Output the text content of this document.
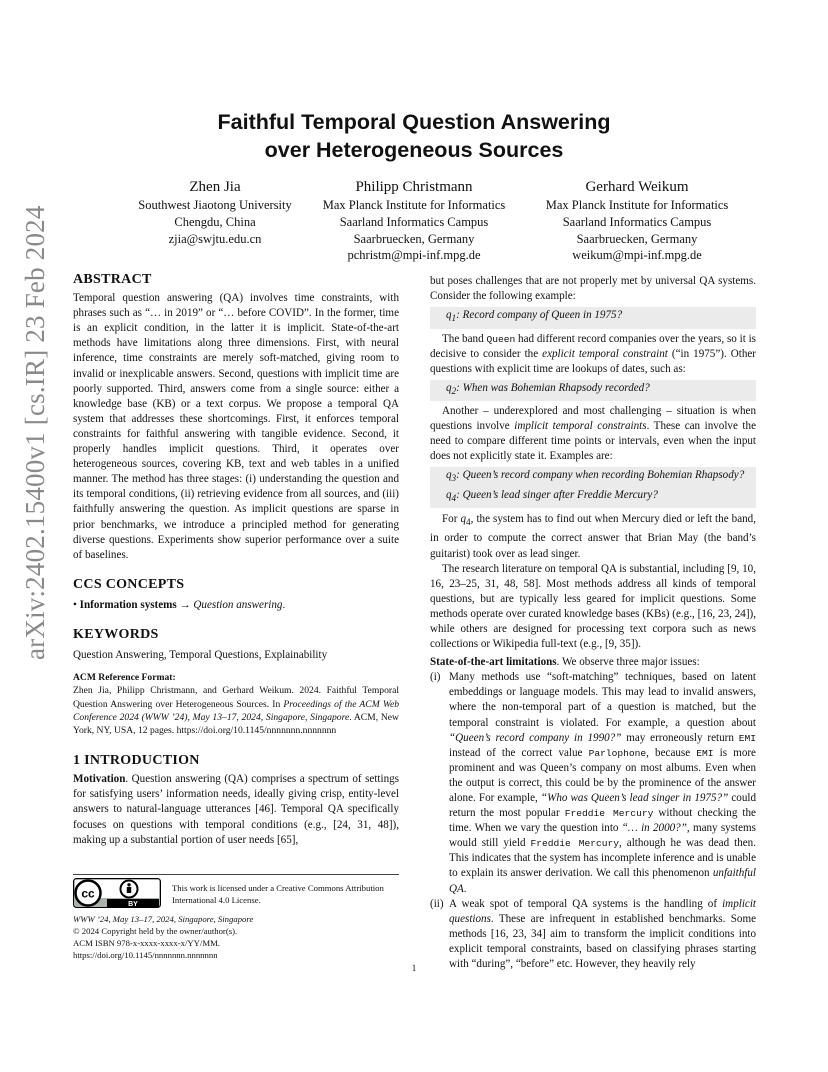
arXiv:2402.15400v1 [cs.IR] 23 Feb 2024
Faithful Temporal Question Answering
over Heterogeneous Sources
Zhen Jia
Southwest Jiaotong University
Chengdu, China
zjia@swjtu.edu.cn
Philipp Christmann
Max Planck Institute for Informatics
Saarland Informatics Campus
Saarbruecken, Germany
pchristm@mpi-inf.mpg.de
Gerhard Weikum
Max Planck Institute for Informatics
Saarland Informatics Campus
Saarbruecken, Germany
weikum@mpi-inf.mpg.de
ABSTRACT

Temporal question answering (QA) involves time constraints, with phrases such as “… in 2019” or “… before COVID”. In the former, time is an explicit condition, in the latter it is implicit. State-of-the-art methods have limitations along three dimensions. First, with neural inference, time constraints are merely soft-matched, giving room to invalid or inexplicable answers. Second, questions with implicit time are poorly supported. Third, answers come from a single source: either a knowledge base (KB) or a text corpus. We propose a temporal QA system that addresses these shortcomings. First, it enforces temporal constraints for faithful answering with tangible evidence. Second, it properly handles implicit questions. Third, it operates over heterogeneous sources, covering KB, text and web tables in a unified manner. The method has three stages: (i) understanding the question and its temporal conditions, (ii) retrieving evidence from all sources, and (iii) faithfully answering the question. As implicit questions are sparse in prior benchmarks, we introduce a principled method for generating diverse questions. Experiments show superior performance over a suite of baselines.

CCS CONCEPTS

• Information systems → Question answering.

KEYWORDS

Question Answering, Temporal Questions, Explainability

ACM Reference Format:

Zhen Jia, Philipp Christmann, and Gerhard Weikum. 2024. Faithful Temporal Question Answering over Heterogeneous Sources. In Proceedings of the ACM Web Conference 2024 (WWW ’24), May 13–17, 2024, Singapore, Singapore. ACM, New York, NY, USA, 12 pages. https://doi.org/10.1145/nnnnnnn.nnnnnnn

1 INTRODUCTION

Motivation. Question answering (QA) comprises a spectrum of settings for satisfying users’ information needs, ideally giving crisp, entity-level answers to natural-language utterances [46]. Temporal QA specifically focuses on questions with temporal conditions (e.g., [24, 31, 48]), making up a substantial portion of user needs [65],

cc
BY
This work is licensed under a Creative Commons Attribution International 4.0 License.
WWW ’24, May 13–17, 2024, Singapore, Singapore
© 2024 Copyright held by the owner/author(s).
ACM ISBN 978-x-xxxx-xxxx-x/YY/MM.
https://doi.org/10.1145/nnnnnnn.nnnnnnn

but poses challenges that are not properly met by universal QA systems. Consider the following example:

$q_1$: Record company of Queen in 1975?

The band Queen had different record companies over the years, so it is decisive to consider the explicit temporal constraint (“in 1975”). Other questions with explicit time are lookups of dates, such as:

$q_2$: When was Bohemian Rhapsody recorded?

Another – underexplored and most challenging – situation is when questions involve implicit temporal constraints. These can involve the need to compare different time points or intervals, even when the input does not explicitly state it. Examples are:

$q_3$: Queen’s record company when recording Bohemian Rhapsody?
$q_4$: Queen’s lead singer after Freddie Mercury?

For $q_4$, the system has to find out when Mercury died or left the band, in order to compute the correct answer that Brian May (the band’s guitarist) took over as lead singer.

The research literature on temporal QA is substantial, including [9, 10, 16, 23–25, 31, 48, 58]. Most methods address all kinds of temporal questions, but are typically less geared for implicit questions. Some methods operate over curated knowledge bases (KBs) (e.g., [16, 23, 24]), while others are designed for processing text corpora such as news collections or Wikipedia full-text (e.g., [9, 35]).

State-of-the-art limitations. We observe three major issues:

(i) Many methods use “soft-matching” techniques, based on latent embeddings or language models. This may lead to invalid answers, where the non-temporal part of a question is matched, but the temporal constraint is violated. For example, a question about “Queen’s record company in 1990?” may erroneously return EMI instead of the correct value Parlophone, because EMI is more prominent and was Queen’s company on most albums. Even when the output is correct, this could be by the prominence of the answer alone. For example, “Who was Queen’s lead singer in 1975?” could return the most popular Freddie Mercury without checking the time. When we vary the question into “… in 2000?”, many systems would still yield Freddie Mercury, although he was dead then. This indicates that the system has incomplete inference and is unable to explain its answer derivation. We call this phenomenon unfaithful QA.
(ii) A weak spot of temporal QA systems is the handling of implicit questions. These are infrequent in established benchmarks. Some methods [16, 23, 34] aim to transform the implicit conditions into explicit temporal constraints, based on classifying phrases starting with “during”, “before” etc. However, they heavily rely
1
